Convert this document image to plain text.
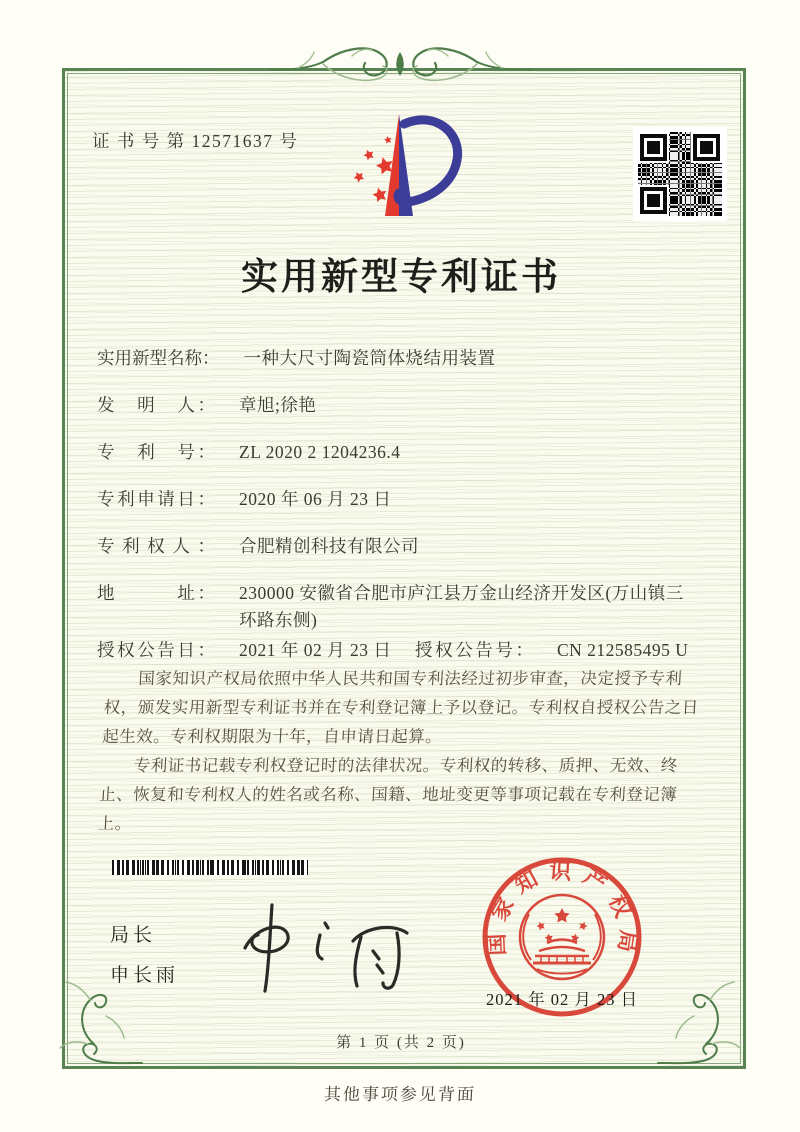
证 书 号 第 12571637 号
实用新型专利证书
实用新型名称： 一种大尺寸陶瓷筒体烧结用装置
发　明　人： 章旭;徐艳
专　利　号： ZL 2020 2 1204236.4
专利申请日： 2020 年 06 月 23 日
专利权人： 合肥精创科技有限公司
地　　　址： 230000 安徽省合肥市庐江县万金山经济开发区(万山镇三环路东侧)
授权公告日： 2021 年 02 月 23 日	授权公告号： CN 212585495 U

国家知识产权局依照中华人民共和国专利法经过初步审查，决定授予专利权，颁发实用新型专利证书并在专利登记簿上予以登记。专利权自授权公告之日起生效。专利权期限为十年，自申请日起算。

专利证书记载专利权登记时的法律状况。专利权的转移、质押、无效、终止、恢复和专利权人的姓名或名称、国籍、地址变更等事项记载在专利登记簿上。

局长
申长雨
国家知识产权局
2021 年 02 月 23 日
第 1 页 (共 2 页)
其他事项参见背面
